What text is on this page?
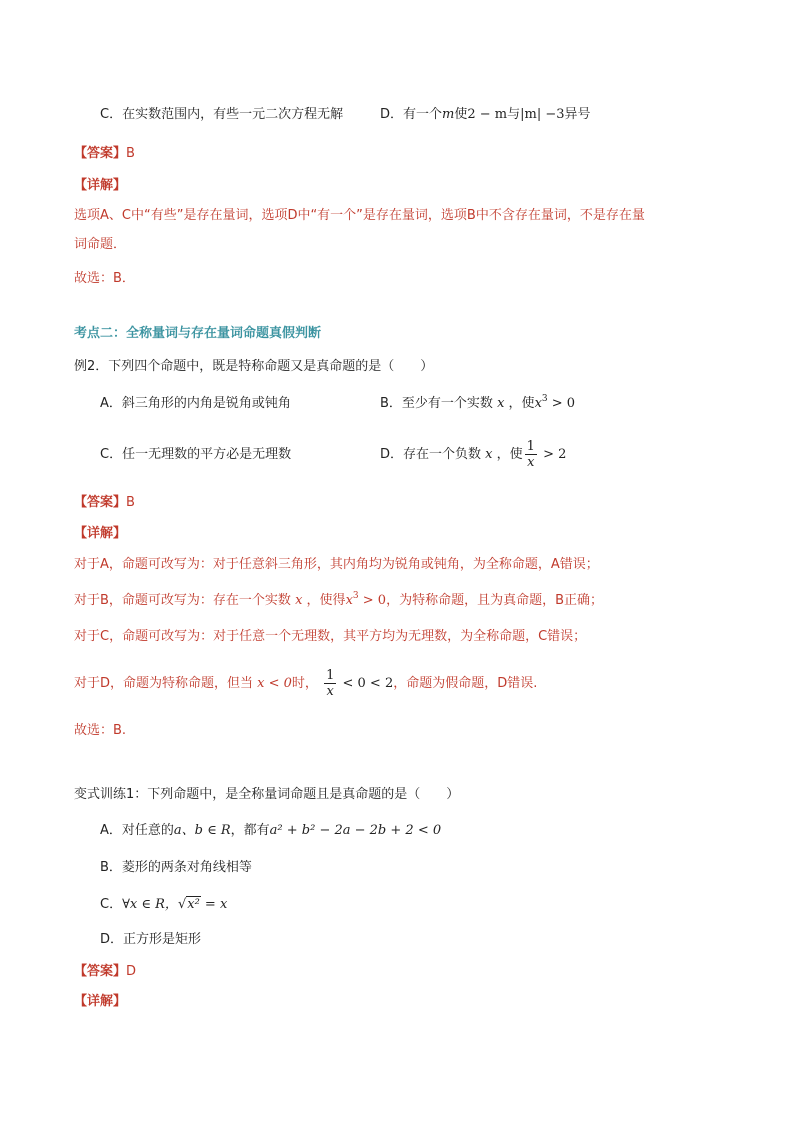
C．在实数范围内，有些一元二次方程无解	D．有一个m使2 − m与|m| −3异号
【答案】B
【详解】
选项A、C中“有些”是存在量词，选项D中“有一个”是存在量词，选项B中不含存在量词，不是存在量
词命题．
故选：B．
考点二：全称量词与存在量词命题真假判断
例2．下列四个命题中，既是特称命题又是真命题的是（　　）
A．斜三角形的内角是锐角或钝角	B．至少有一个实数 x ，使$x^3 > 0$
C．任一无理数的平方必是无理数	D．存在一个负数 x ，使 $\frac{1}{x} > 2$
【答案】B
【详解】
对于A，命题可改写为：对于任意斜三角形，其内角均为锐角或钝角，为全称命题，A错误；
对于B，命题可改写为：存在一个实数 x ，使得$x^3 > 0$，为特称命题，且为真命题，B正确；
对于C，命题可改写为：对于任意一个无理数，其平方均为无理数，为全称命题，C错误；
对于D，命题为特称命题，但当 x < 0时， $\frac{1}{x} < 0 < 2$，命题为假命题，D错误.
故选：B.
变式训练1：下列命题中，是全称量词命题且是真命题的是（　　）
A．对任意的a、b ∈ R，都有a² + b² − 2a − 2b + 2 < 0
B．菱形的两条对角线相等
C．∀x ∈ R，√x² = x
D．正方形是矩形
【答案】D
【详解】
